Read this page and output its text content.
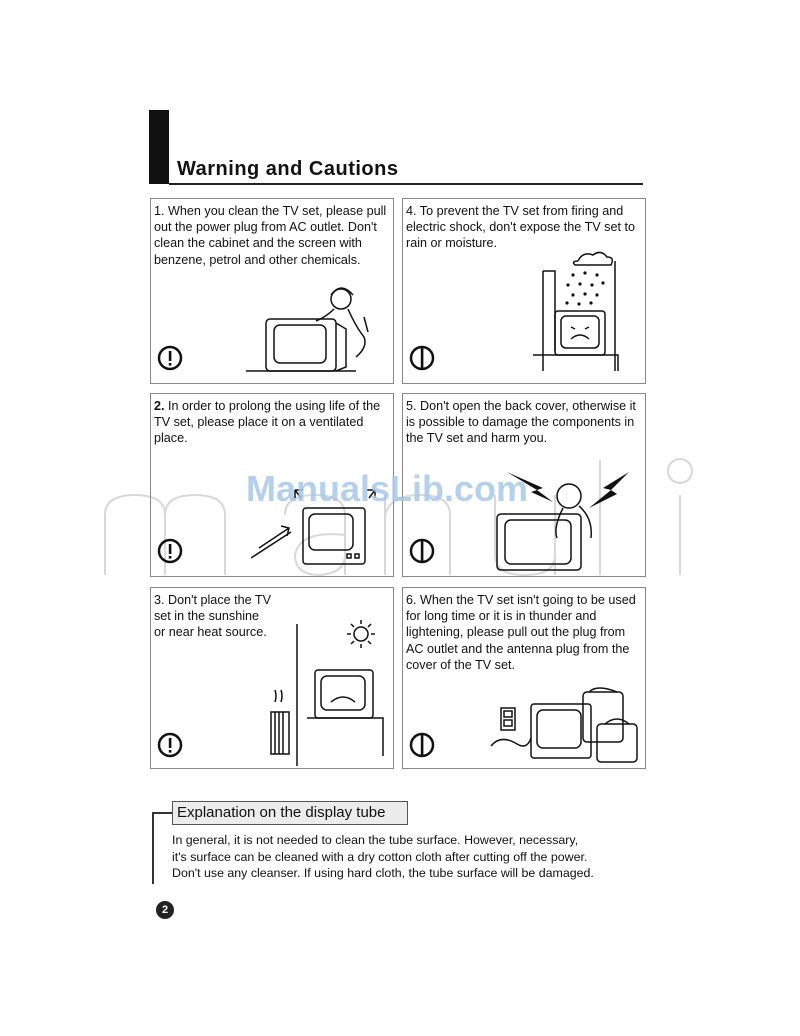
Warning and Cautions
1. When you clean the TV set, please pull out the power plug from AC outlet. Don't clean the cabinet and the screen with benzene, petrol and other chemicals.
4. To prevent the TV set from firing and electric shock, don't expose the TV set to rain or moisture.
2. In order to prolong the using life of the TV set, please place it on a ventilated place.
5. Don't open the back cover, otherwise it is possible to damage the components in the TV set and harm you.
3. Don't place the TV set in the sunshine or near heat source.
6. When the TV set isn't going to be used for long time or it is in thunder and lightening, please pull out the plug from AC outlet and the antenna plug from the cover of the TV set.
ManualsLib.com
Explanation on the display tube
In general, it is not needed to clean the tube surface. However, necessary,
it's surface can be cleaned with a dry cotton cloth after cutting off the power.
Don't use any cleanser. If using hard cloth, the tube surface will be damaged.
2
